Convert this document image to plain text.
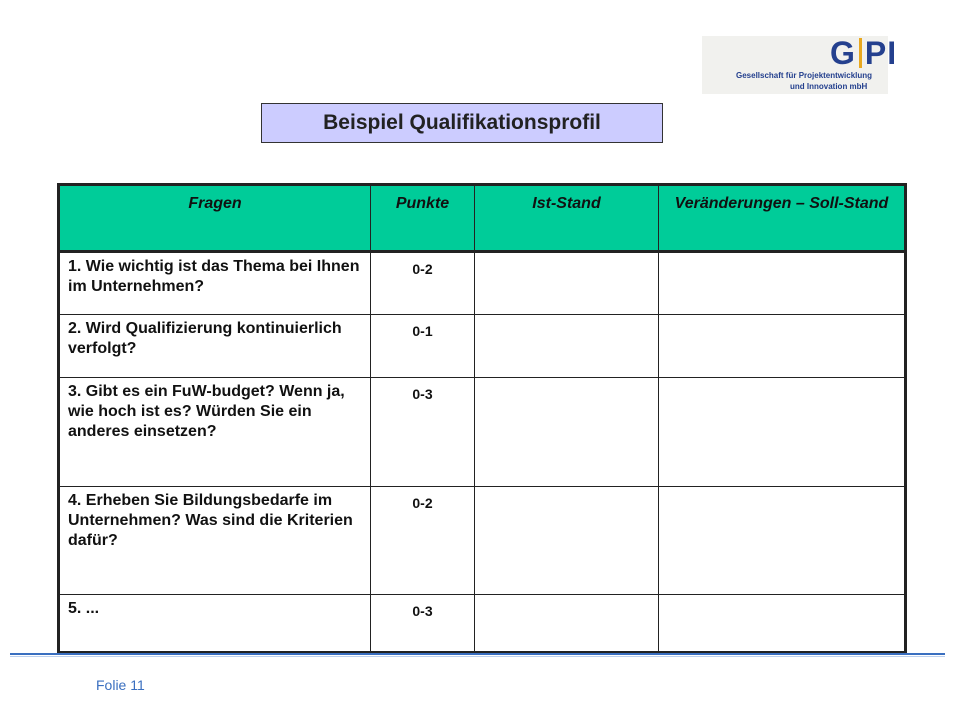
G PI
Gesellschaft für Projektentwicklung
und Innovation mbH
Beispiel Qualifikationsprofil
Fragen	Punkte	Ist-Stand	Veränderungen – Soll-Stand
1. Wie wichtig ist das Thema bei Ihnen im Unternehmen?	0-2		
2. Wird Qualifizierung kontinuierlich verfolgt?	0-1		
3. Gibt es ein FuW-budget? Wenn ja, wie hoch ist es? Würden Sie ein anderes einsetzen?	0-3		
4. Erheben Sie Bildungsbedarfe im Unternehmen? Was sind die Kriterien dafür?	0-2		
5. ...	0-3		
Folie 11
